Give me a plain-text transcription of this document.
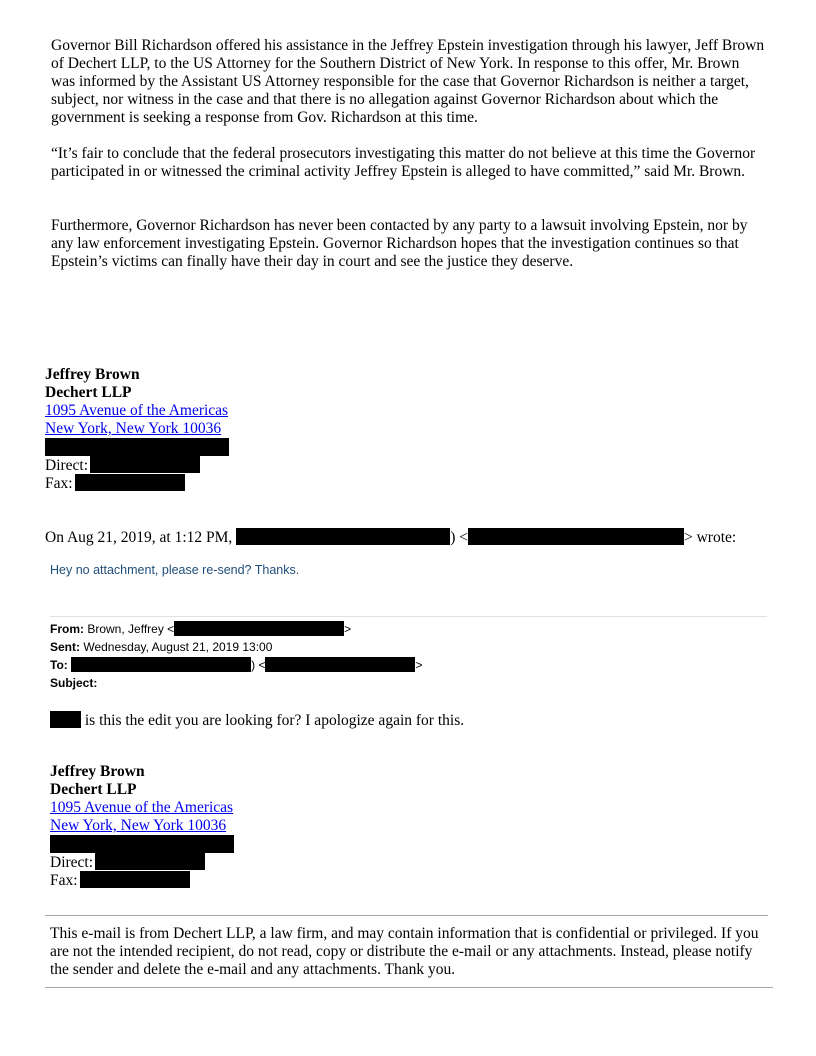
Governor Bill Richardson offered his assistance in the Jeffrey Epstein investigation through his lawyer, Jeff Brown of Dechert LLP, to the US Attorney for the Southern District of New York. In response to this offer, Mr. Brown was informed by the Assistant US Attorney responsible for the case that Governor Richardson is neither a target, subject, nor witness in the case and that there is no allegation against Governor Richardson about which the government is seeking a response from Gov. Richardson at this time.

“It’s fair to conclude that the federal prosecutors investigating this matter do not believe at this time the Governor participated in or witnessed the criminal activity Jeffrey Epstein is alleged to have committed,” said Mr. Brown.

Furthermore, Governor Richardson has never been contacted by any party to a lawsuit involving Epstein, nor by any law enforcement investigating Epstein. Governor Richardson hopes that the investigation continues so that Epstein’s victims can finally have their day in court and see the justice they deserve.

Jeffrey Brown
Dechert LLP
1095 Avenue of the Americas
New York, New York 10036
Direct:
Fax:
On Aug 21, 2019, at 1:12 PM,	) <	> wrote:
Hey no attachment, please re-send? Thanks.
From: Brown, Jeffrey <	>
Sent: Wednesday, August 21, 2019 13:00
To:	) <	>
Subject:
is this the edit you are looking for? I apologize again for this.
Jeffrey Brown
Dechert LLP
1095 Avenue of the Americas
New York, New York 10036
Direct:
Fax:

This e-mail is from Dechert LLP, a law firm, and may contain information that is confidential or privileged. If you are not the intended recipient, do not read, copy or distribute the e-mail or any attachments. Instead, please notify the sender and delete the e-mail and any attachments. Thank you.
